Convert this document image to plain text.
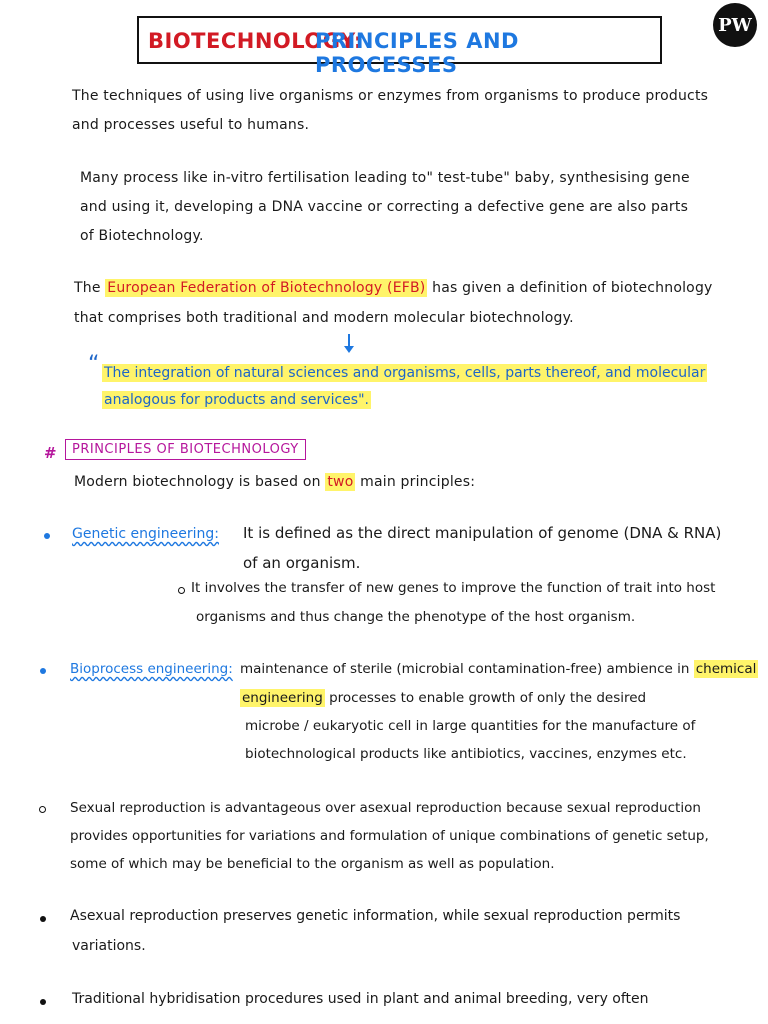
BIOTECHNOLOGY:
PRINCIPLES AND PROCESSES
PW
The techniques of using live organisms or enzymes from organisms to produce products
and processes useful to humans.
Many process like in-vitro fertilisation leading to" test-tube" baby, synthesising gene
and using it, developing a DNA vaccine or correcting a defective gene are also parts
of Biotechnology.
The European Federation of Biotechnology (EFB) has given a definition of biotechnology
that comprises both traditional and modern molecular biotechnology.
“ The integration of natural sciences and organisms, cells, parts thereof, and molecular
analogous for products and services".
#	PRINCIPLES OF BIOTECHNOLOGY
Modern biotechnology is based on two main principles:
Genetic engineering: It is defined as the direct manipulation of genome (DNA & RNA)
of an organism.
It involves the transfer of new genes to improve the function of trait into host
organisms and thus change the phenotype of the host organism.
Bioprocess engineering: maintenance of sterile (microbial contamination-free) ambience in chemical
engineering processes to enable growth of only the desired
microbe / eukaryotic cell in large quantities for the manufacture of
biotechnological products like antibiotics, vaccines, enzymes etc.
Sexual reproduction is advantageous over asexual reproduction because sexual reproduction
provides opportunities for variations and formulation of unique combinations of genetic setup,
some of which may be beneficial to the organism as well as population.
Asexual reproduction preserves genetic information, while sexual reproduction permits
variations.
Traditional hybridisation procedures used in plant and animal breeding, very often
